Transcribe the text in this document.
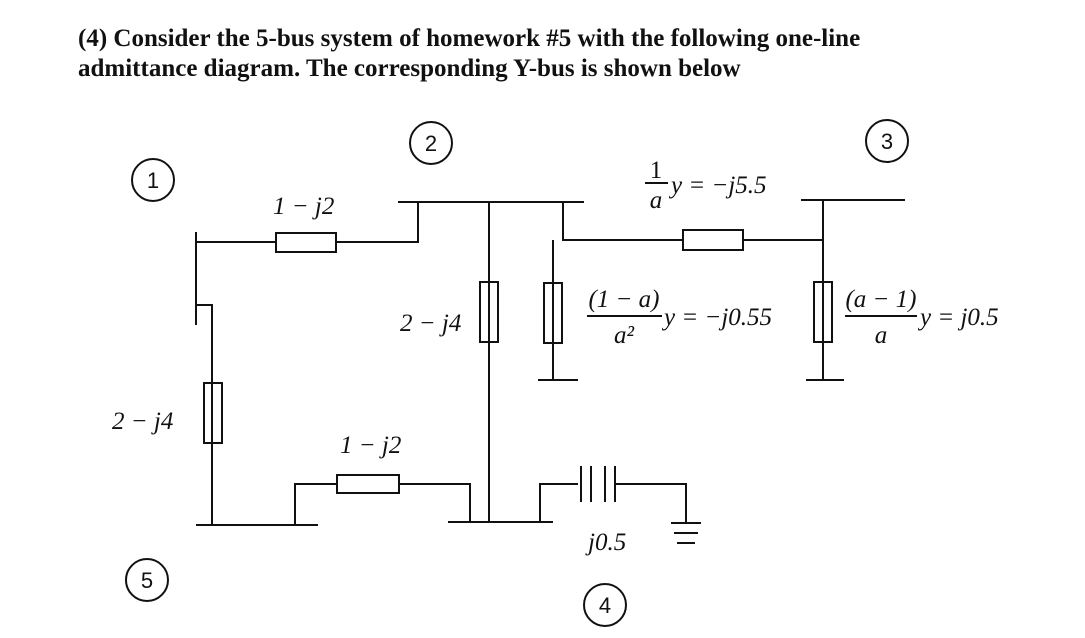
(4) Consider the 5-bus system of homework #5 with the following one-line
admittance diagram. The corresponding Y-bus is shown below
1
2	3
4
5
1 − j2
2 − j4
2 − j4
1 − j2
j0.5
1
a
y = −j5.5
(1 − a)
a²
y = −j0.55
(a − 1)
a
y = j0.5
